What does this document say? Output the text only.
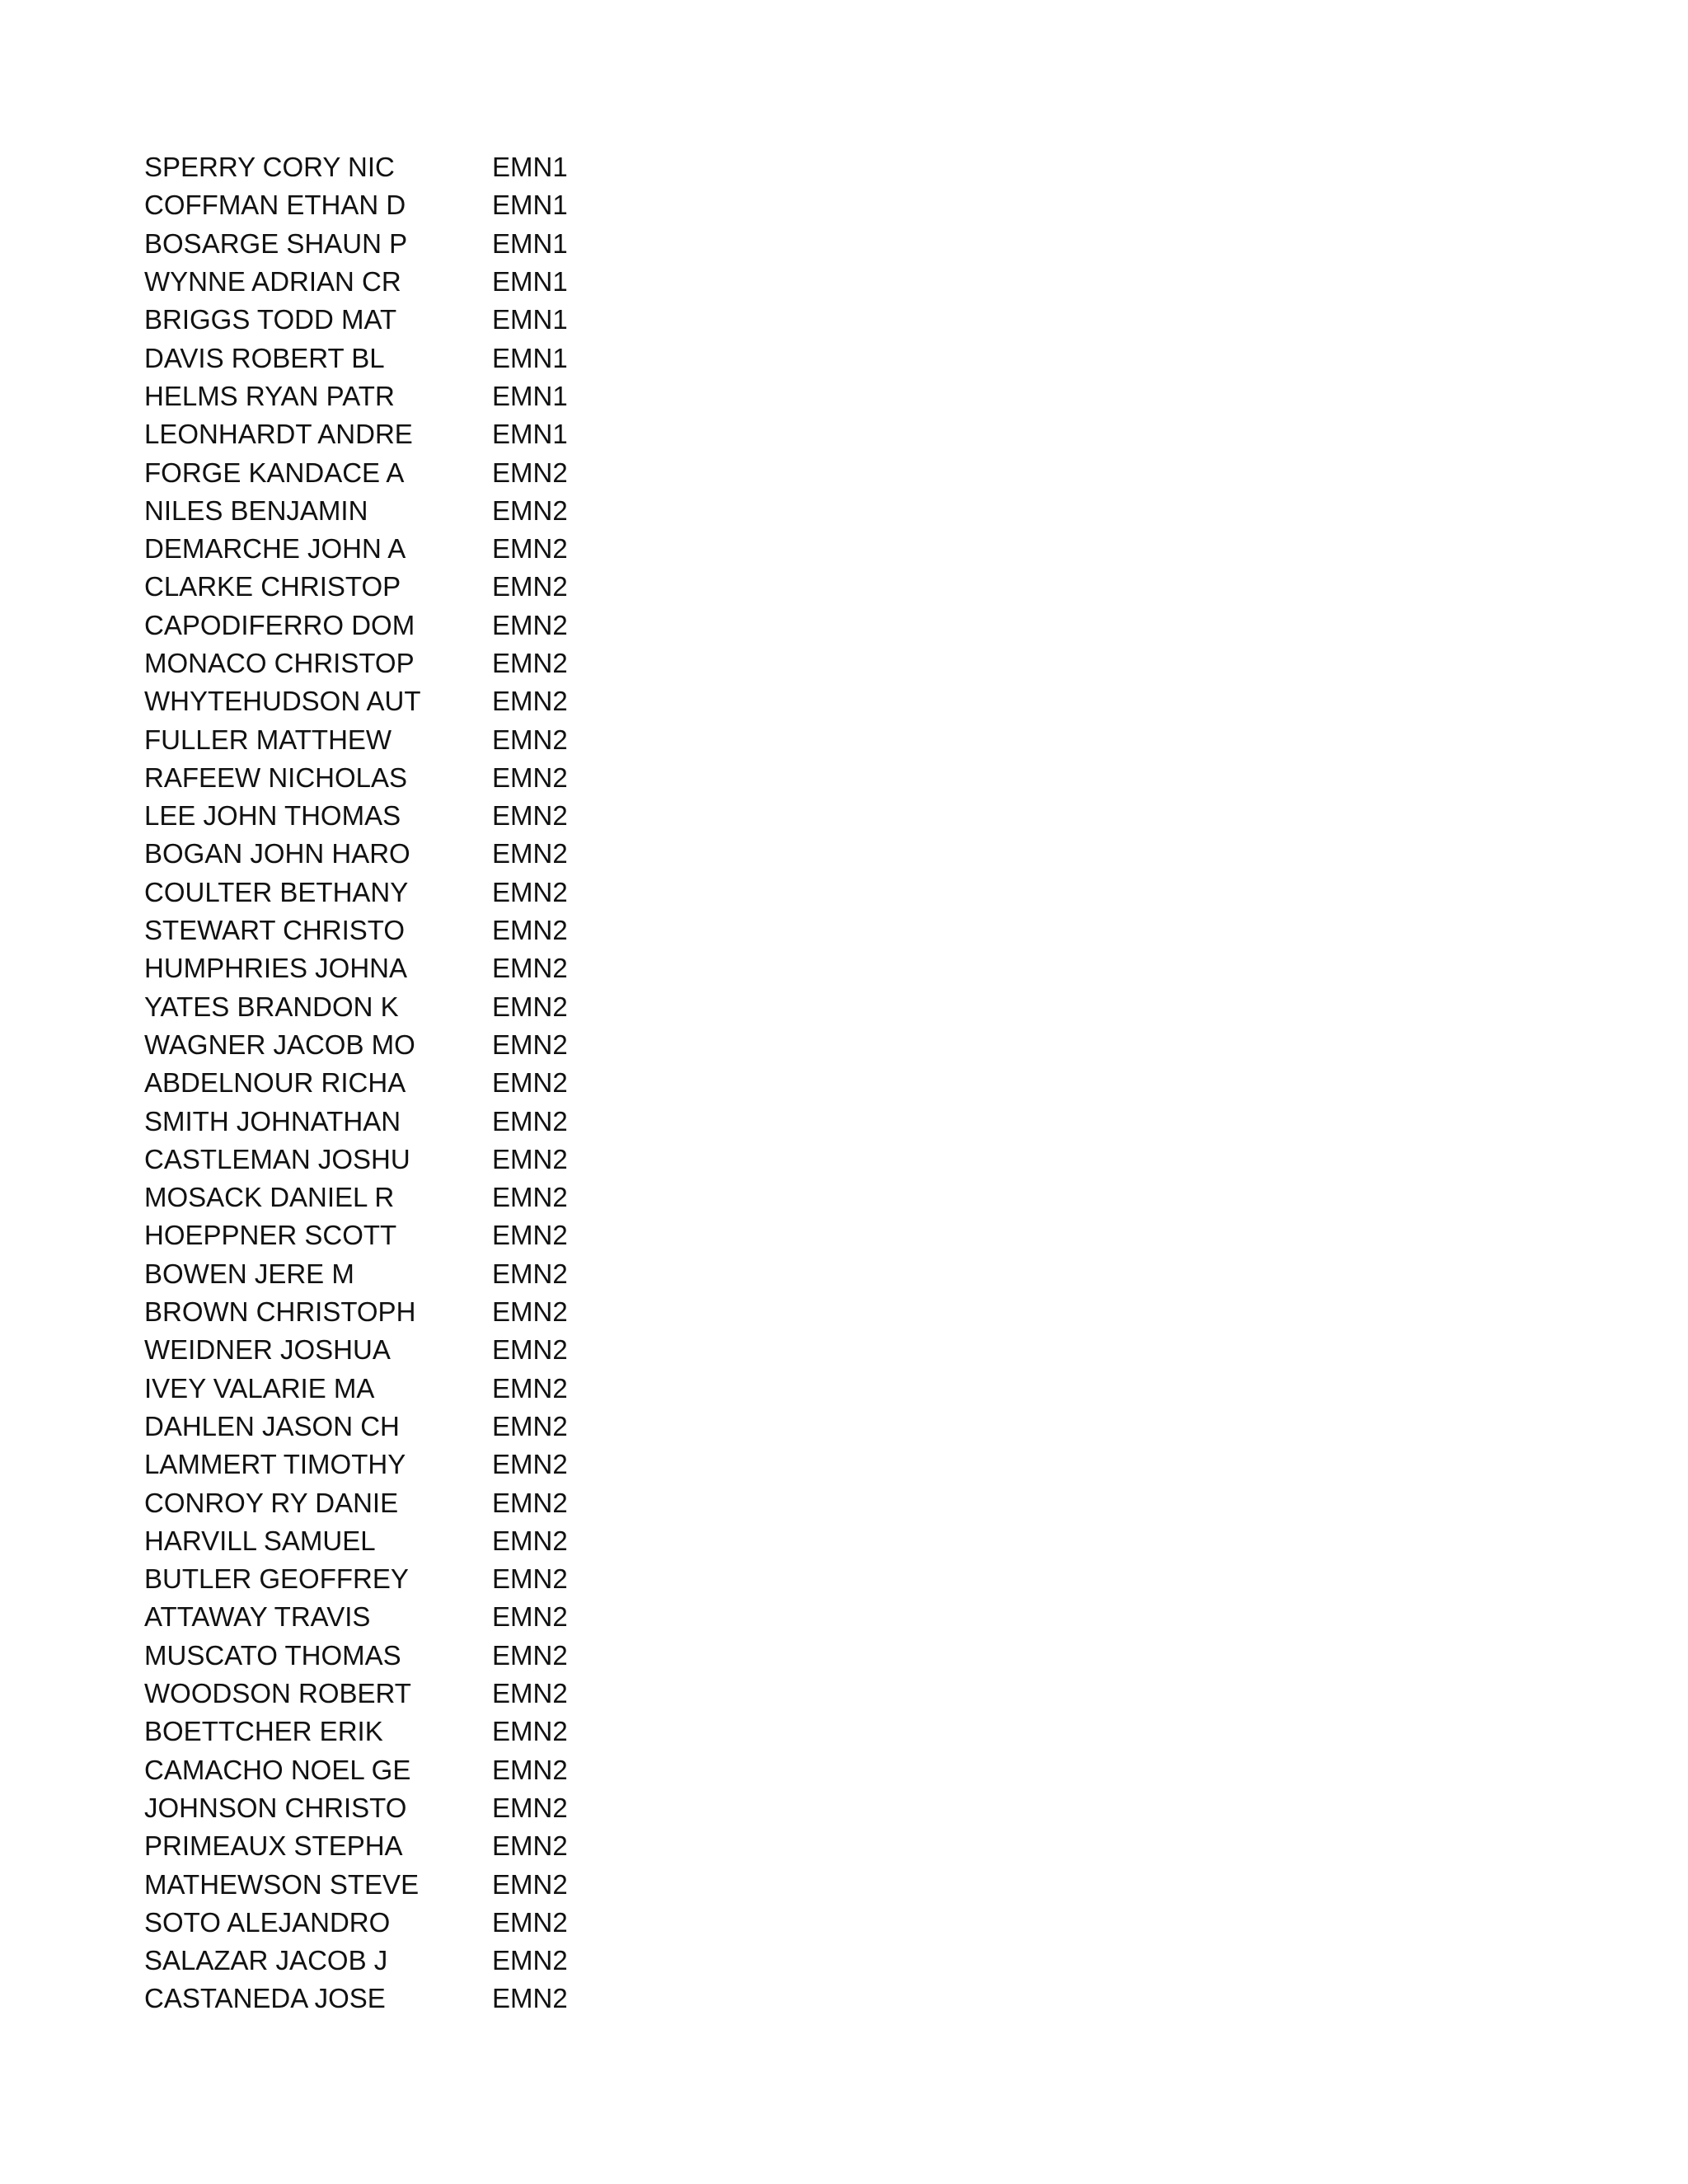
SPERRY CORY NIC	EMN1
COFFMAN ETHAN D	EMN1
BOSARGE SHAUN P	EMN1
WYNNE ADRIAN CR	EMN1
BRIGGS TODD MAT	EMN1
DAVIS ROBERT BL	EMN1
HELMS RYAN PATR	EMN1
LEONHARDT ANDRE	EMN1
FORGE KANDACE A	EMN2
NILES BENJAMIN	EMN2
DEMARCHE JOHN A	EMN2
CLARKE CHRISTOP	EMN2
CAPODIFERRO DOM	EMN2
MONACO CHRISTOP	EMN2
WHYTEHUDSON AUT	EMN2
FULLER MATTHEW	EMN2
RAFEEW NICHOLAS	EMN2
LEE JOHN THOMAS	EMN2
BOGAN JOHN HARO	EMN2
COULTER BETHANY	EMN2
STEWART CHRISTO	EMN2
HUMPHRIES JOHNA	EMN2
YATES BRANDON K	EMN2
WAGNER JACOB MO	EMN2
ABDELNOUR RICHA	EMN2
SMITH JOHNATHAN	EMN2
CASTLEMAN JOSHU	EMN2
MOSACK DANIEL R	EMN2
HOEPPNER SCOTT	EMN2
BOWEN JERE M	EMN2
BROWN CHRISTOPH	EMN2
WEIDNER JOSHUA	EMN2
IVEY VALARIE MA	EMN2
DAHLEN JASON CH	EMN2
LAMMERT TIMOTHY	EMN2
CONROY RY DANIE	EMN2
HARVILL SAMUEL	EMN2
BUTLER GEOFFREY	EMN2
ATTAWAY TRAVIS	EMN2
MUSCATO THOMAS	EMN2
WOODSON ROBERT	EMN2
BOETTCHER ERIK	EMN2
CAMACHO NOEL GE	EMN2
JOHNSON CHRISTO	EMN2
PRIMEAUX STEPHA	EMN2
MATHEWSON STEVE	EMN2
SOTO ALEJANDRO	EMN2
SALAZAR JACOB J	EMN2
CASTANEDA JOSE	EMN2
